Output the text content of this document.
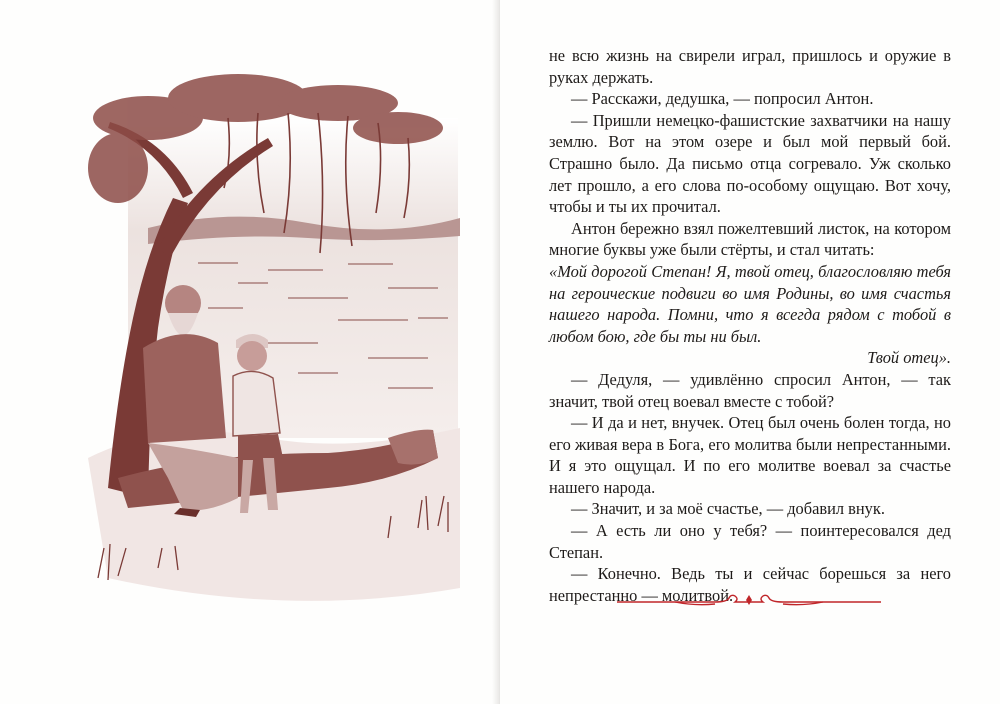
не всю жизнь на свирели играл, пришлось и оружие в руках держать.

— Расскажи, дедушка, — попросил Антон.

— Пришли немецко-фашистские захватчики на нашу землю. Вот на этом озере и был мой первый бой. Страшно было. Да письмо отца согревало. Уж сколько лет прошло, а его слова по-особому ощущаю. Вот хочу, чтобы и ты их прочитал.

Антон бережно взял пожелтевший листок, на котором многие буквы уже были стёрты, и стал читать:

«Мой дорогой Степан! Я, твой отец, благословляю тебя на героические подвиги во имя Родины, во имя счастья нашего народа. Помни, что я всегда рядом с тобой в любом бою, где бы ты ни был.

Твой отец».

— Дедуля, — удивлённо спросил Антон, — так значит, твой отец воевал вместе с тобой?

— И да и нет, внучек. Отец был очень болен тогда, но его живая вера в Бога, его молитва были непрестанными. И я это ощущал. И по его молитве воевал за счастье нашего народа.

— Значит, и за моё счастье, — добавил внук.

— А есть ли оно у тебя? — поинтересовался дед Степан.

— Конечно. Ведь ты и сейчас борешься за него непрестанно — молитвой.
